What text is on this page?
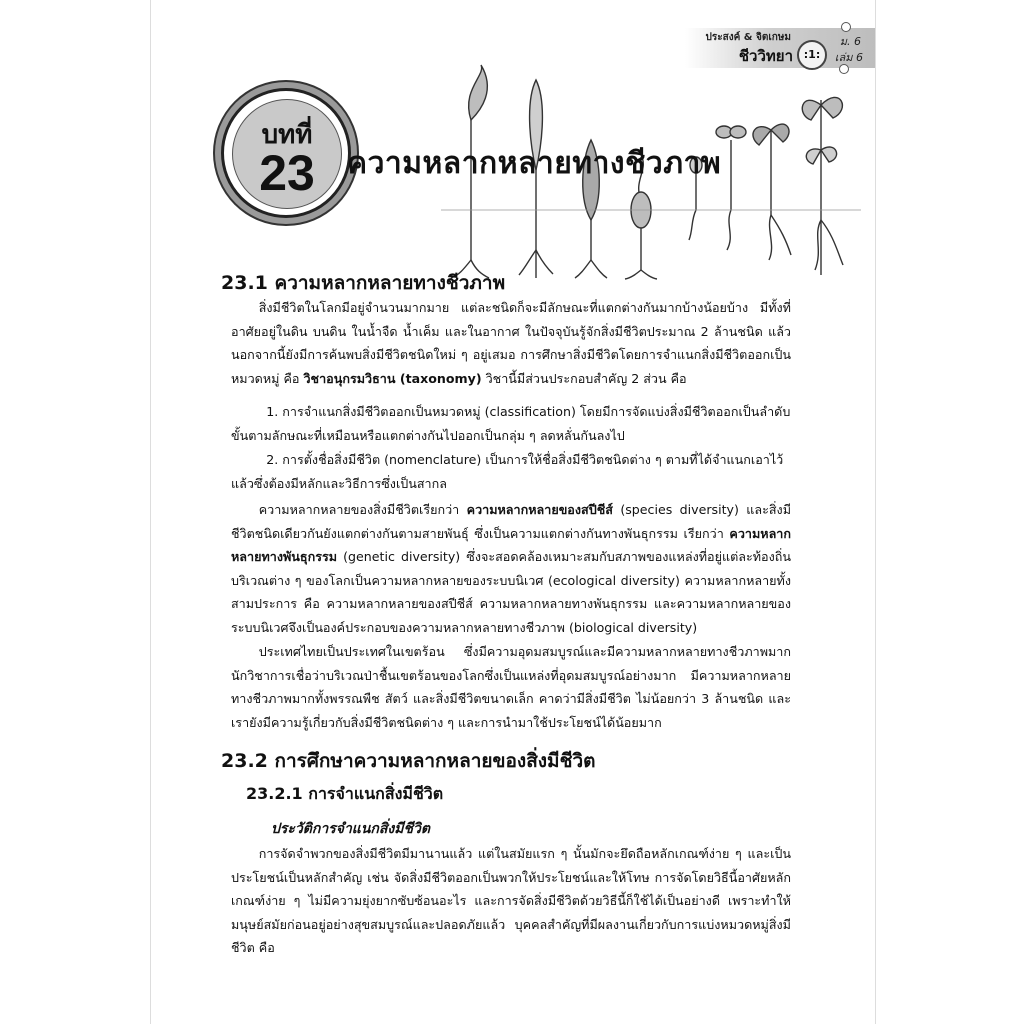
ประสงค์ & จิตเกษม
ชีววิทยา :1:
ม. 6
เล่ม 6
บทที่
23	ความหลากหลายทางชีวภาพ
23.1 ความหลากหลายทางชีวภาพ
สิ่งมีชีวิตในโลกมีอยู่จำนวนมากมาย แต่ละชนิดก็จะมีลักษณะที่แตกต่างกันมากบ้างน้อยบ้าง มีทั้งที่อาศัยอยู่ในดิน บนดิน ในน้ำจืด น้ำเค็ม และในอากาศ ในปัจจุบันรู้จักสิ่งมีชีวิตประมาณ 2 ล้านชนิด แล้วนอกจากนี้ยังมีการค้นพบสิ่งมีชีวิตชนิดใหม่ ๆ อยู่เสมอ การศึกษาสิ่งมีชีวิตโดยการจำแนกสิ่งมีชีวิตออกเป็นหมวดหมู่ คือ วิชาอนุกรมวิธาน (taxonomy) วิชานี้มีส่วนประกอบสำคัญ 2 ส่วน คือ
1. การจำแนกสิ่งมีชีวิตออกเป็นหมวดหมู่ (classification) โดยมีการจัดแบ่งสิ่งมีชีวิตออกเป็นลำดับขั้นตามลักษณะที่เหมือนหรือแตกต่างกันไปออกเป็นกลุ่ม ๆ ลดหลั่นกันลงไป
2. การตั้งชื่อสิ่งมีชีวิต (nomenclature) เป็นการให้ชื่อสิ่งมีชีวิตชนิดต่าง ๆ ตามที่ได้จำแนกเอาไว้แล้วซึ่งต้องมีหลักและวิธีการซึ่งเป็นสากล
ความหลากหลายของสิ่งมีชีวิตเรียกว่า ความหลากหลายของสปีชีส์ (species diversity) และสิ่งมีชีวิตชนิดเดียวกันยังแตกต่างกันตามสายพันธุ์ ซึ่งเป็นความแตกต่างกันทางพันธุกรรม เรียกว่า ความหลากหลายทางพันธุกรรม (genetic diversity) ซึ่งจะสอดคล้องเหมาะสมกับสภาพของแหล่งที่อยู่แต่ละท้องถิ่นบริเวณต่าง ๆ ของโลกเป็นความหลากหลายของระบบนิเวศ (ecological diversity) ความหลากหลายทั้งสามประการ คือ ความหลากหลายของสปีชีส์ ความหลากหลายทางพันธุกรรม และความหลากหลายของระบบนิเวศจึงเป็นองค์ประกอบของความหลากหลายทางชีวภาพ (biological diversity)
ประเทศไทยเป็นประเทศในเขตร้อน ซึ่งมีความอุดมสมบูรณ์และมีความหลากหลายทางชีวภาพมาก นักวิชาการเชื่อว่าบริเวณป่าชื้นเขตร้อนของโลกซึ่งเป็นแหล่งที่อุดมสมบูรณ์อย่างมาก มีความหลากหลายทางชีวภาพมากทั้งพรรณพืช สัตว์ และสิ่งมีชีวิตขนาดเล็ก คาดว่ามีสิ่งมีชีวิต ไม่น้อยกว่า 3 ล้านชนิด และเรายังมีความรู้เกี่ยวกับสิ่งมีชีวิตชนิดต่าง ๆ และการนำมาใช้ประโยชน์ได้น้อยมาก
23.2 การศึกษาความหลากหลายของสิ่งมีชีวิต
23.2.1 การจำแนกสิ่งมีชีวิต
ประวัติการจำแนกสิ่งมีชีวิต
การจัดจำพวกของสิ่งมีชีวิตมีมานานแล้ว แต่ในสมัยแรก ๆ นั้นมักจะยึดถือหลักเกณฑ์ง่าย ๆ และเป็นประโยชน์เป็นหลักสำคัญ เช่น จัดสิ่งมีชีวิตออกเป็นพวกให้ประโยชน์และให้โทษ การจัดโดยวิธีนี้อาศัยหลักเกณฑ์ง่าย ๆ ไม่มีความยุ่งยากซับซ้อนอะไร และการจัดสิ่งมีชีวิตด้วยวิธีนี้ก็ใช้ได้เป็นอย่างดี เพราะทำให้มนุษย์สมัยก่อนอยู่อย่างสุขสมบูรณ์และปลอดภัยแล้ว บุคคลสำคัญที่มีผลงานเกี่ยวกับการแบ่งหมวดหมู่สิ่งมีชีวิต คือ
